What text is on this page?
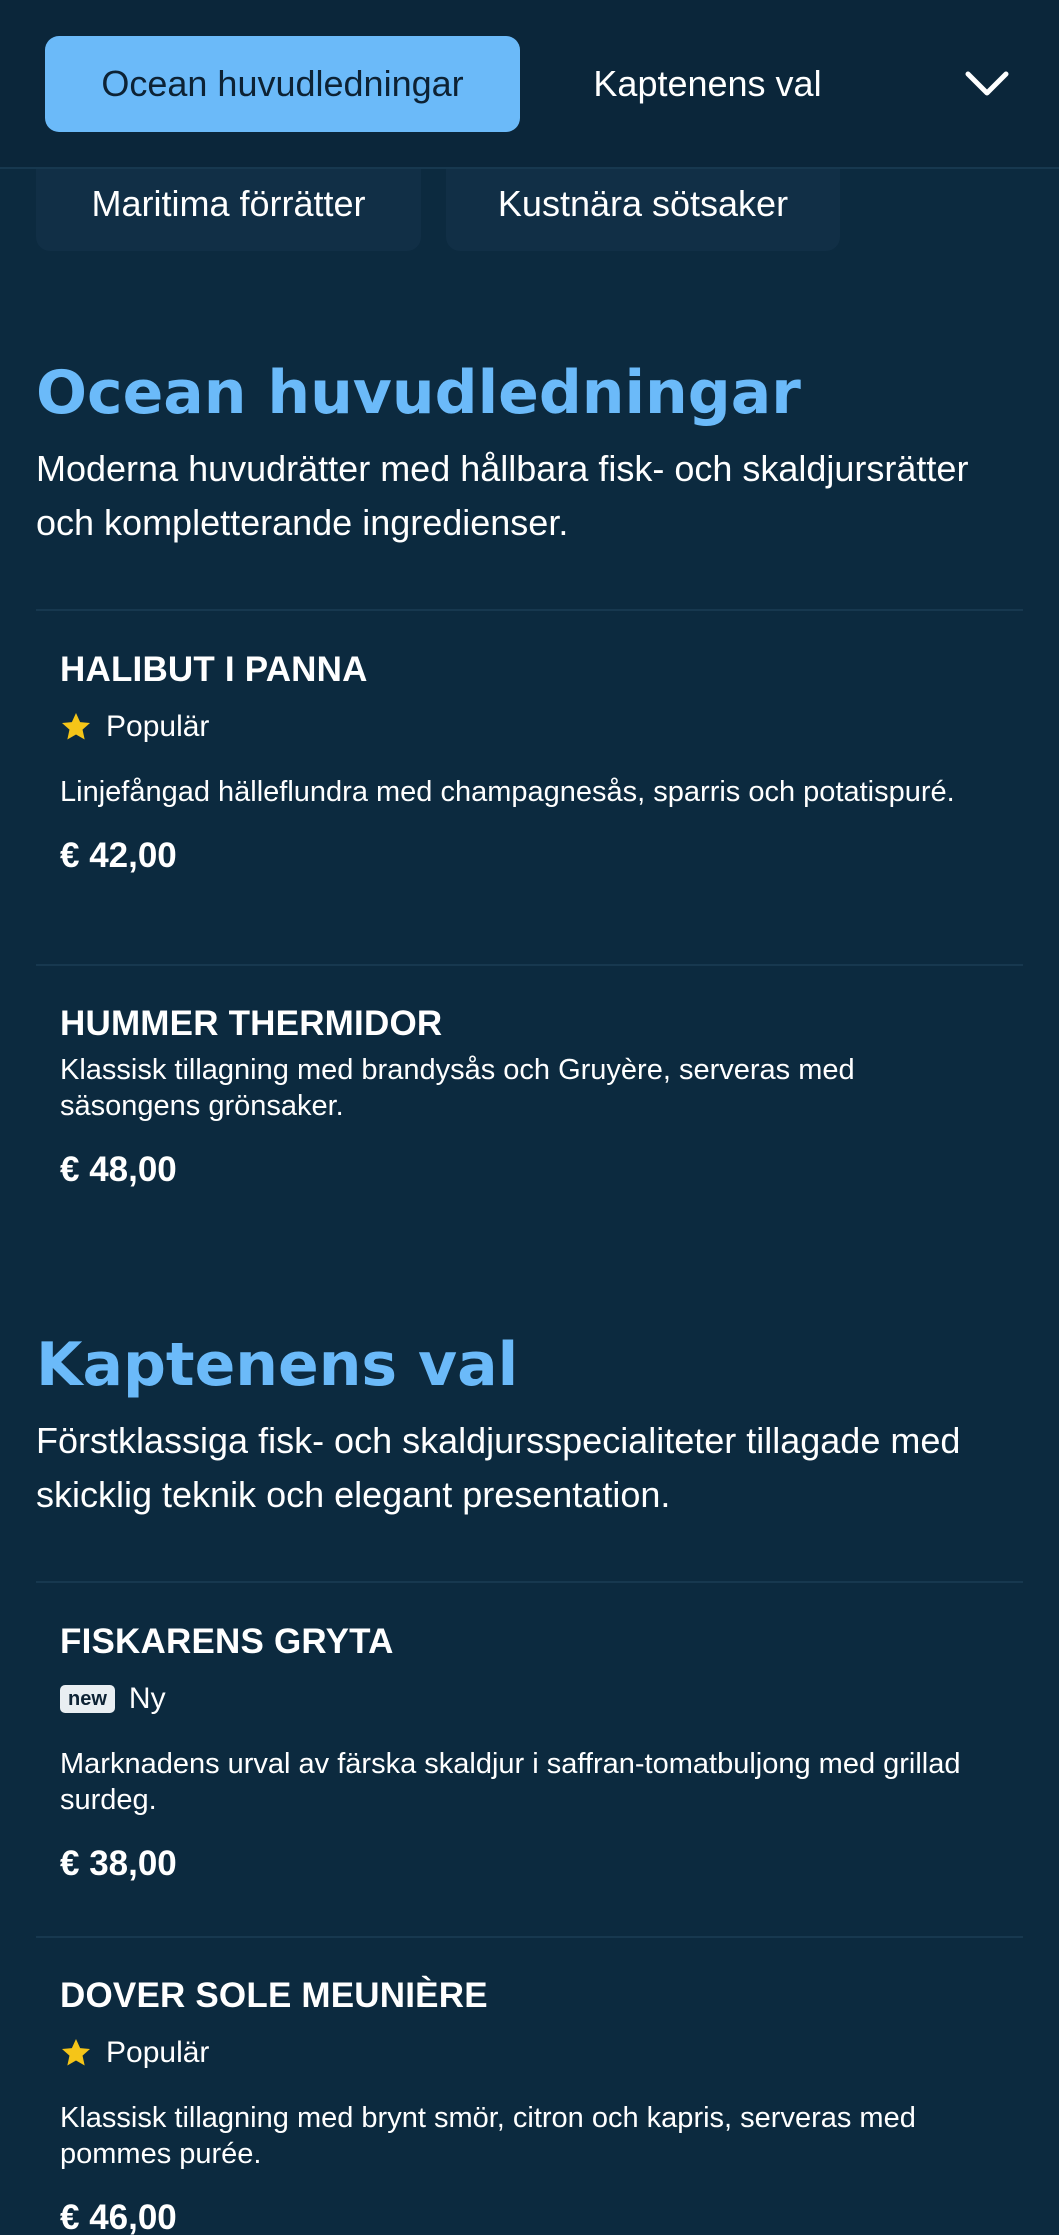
Maritima förrätter	Kustnära sötsaker
Ocean huvudledningar	Kaptenens val
Ocean huvudledningar
Moderna huvudrätter med hållbara fisk- och skaldjursrätter och kompletterande ingredienser.
HALIBUT I PANNA
Populär
Linjefångad hälleflundra med champagnesås, sparris och potatispuré.
€ 42,00
HUMMER THERMIDOR
Klassisk tillagning med brandysås och Gruyère, serveras med säsongens grönsaker.
€ 48,00
Kaptenens val
Förstklassiga fisk- och skaldjursspecialiteter tillagade med skicklig teknik och elegant presentation.
FISKARENS GRYTA
new Ny
Marknadens urval av färska skaldjur i saffran-tomatbuljong med grillad surdeg.
€ 38,00
DOVER SOLE MEUNIÈRE
Populär
Klassisk tillagning med brynt smör, citron och kapris, serveras med pommes purée.
€ 46,00
